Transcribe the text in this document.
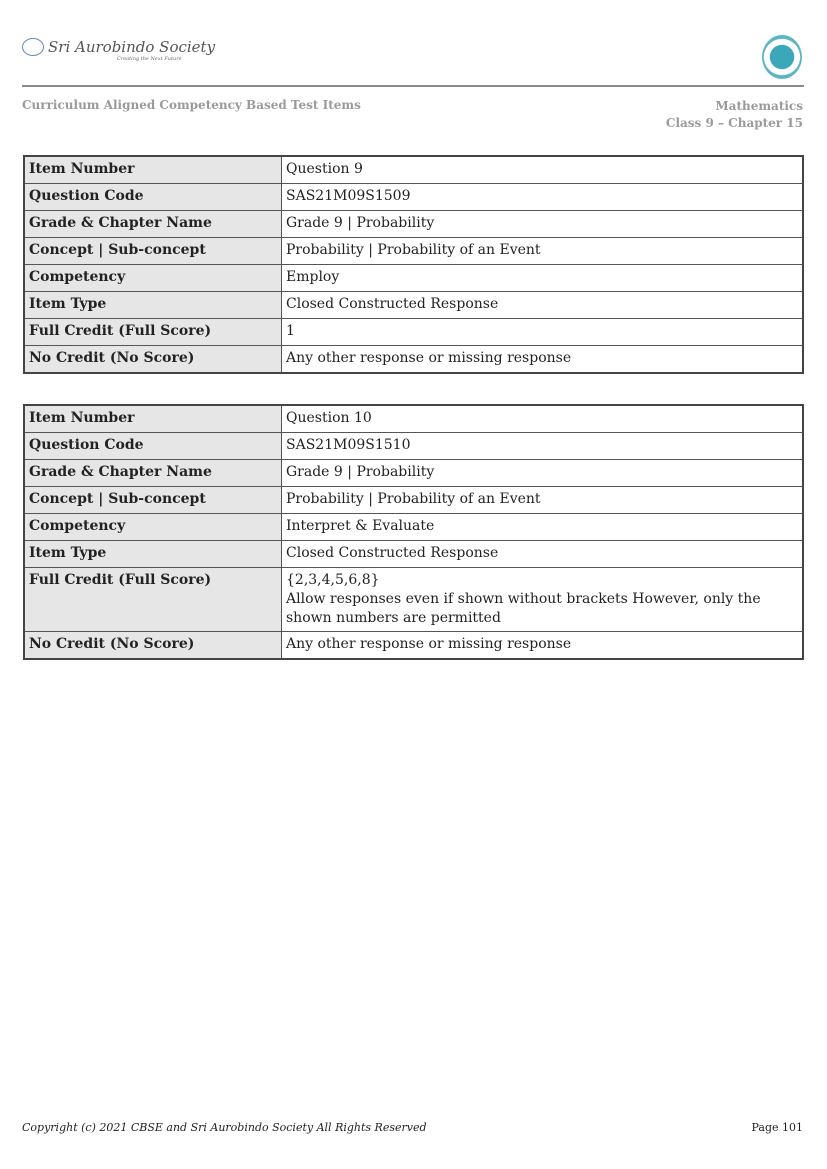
Sri Aurobindo Society
Creating the Next Future
Curriculum Aligned Competency Based Test Items	Mathematics
Class 9 – Chapter 15
Item Number	Question 9

Question Code	SAS21M09S1509

Grade & Chapter Name	Grade 9 | Probability

Concept | Sub-concept	Probability | Probability of an Event

Competency	Employ

Item Type	Closed Constructed Response

Full Credit (Full Score)	1

No Credit (No Score)	Any other response or missing response
Item Number	Question 10

Question Code	SAS21M09S1510

Grade & Chapter Name	Grade 9 | Probability

Concept | Sub-concept	Probability | Probability of an Event

Competency	Interpret & Evaluate

Item Type	Closed Constructed Response

Full Credit (Full Score)	{2,3,4,5,6,8}
Allow responses even if shown without brackets However, only the shown numbers are permitted

No Credit (No Score)	Any other response or missing response
Copyright (c) 2021 CBSE and Sri Aurobindo Society All Rights Reserved	Page 101
